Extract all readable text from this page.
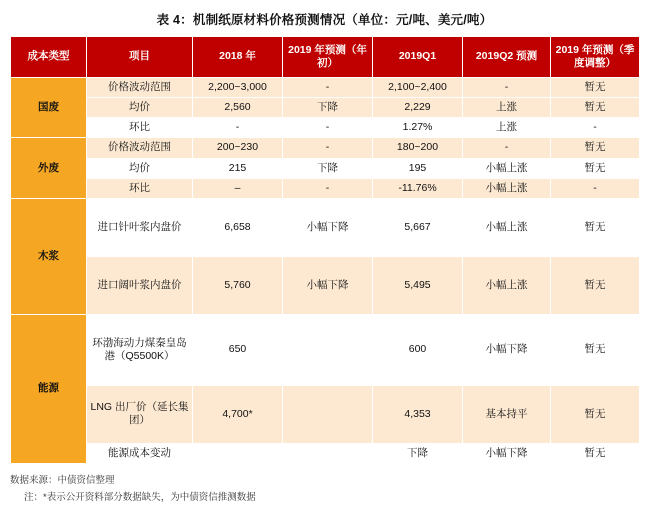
表 4：机制纸原材料价格预测情况（单位：元/吨、美元/吨）
成本类型	项目	2018 年	2019 年预测（年初）	2019Q1	2019Q2 预测	2019 年预测（季度调整）
国废	价格波动范围	2,200~3,000	-	2,100~2,400	-	暂无
	均价	2,560	下降	2,229	上涨	暂无
	环比	-	-	1.27%	上涨	-
外废	价格波动范围	200~230	-	180~200	-	暂无
	均价	215	下降	195	小幅上涨	暂无
	环比	–	-	-11.76%	小幅上涨	-
木浆	进口针叶浆内盘价	6,658	小幅下降	5,667	小幅上涨	暂无
	进口阔叶浆内盘价	5,760	小幅下降	5,495	小幅上涨	暂无
能源	环渤海动力煤秦皇岛港（Q5500K）	650		600	小幅下降	暂无
	LNG 出厂价（延长集团）	4,700*		4,353	基本持平	暂无
	能源成本变动			下降	小幅下降	暂无
数据来源：中债资信整理
注：*表示公开资料部分数据缺失，为中债资信推测数据
